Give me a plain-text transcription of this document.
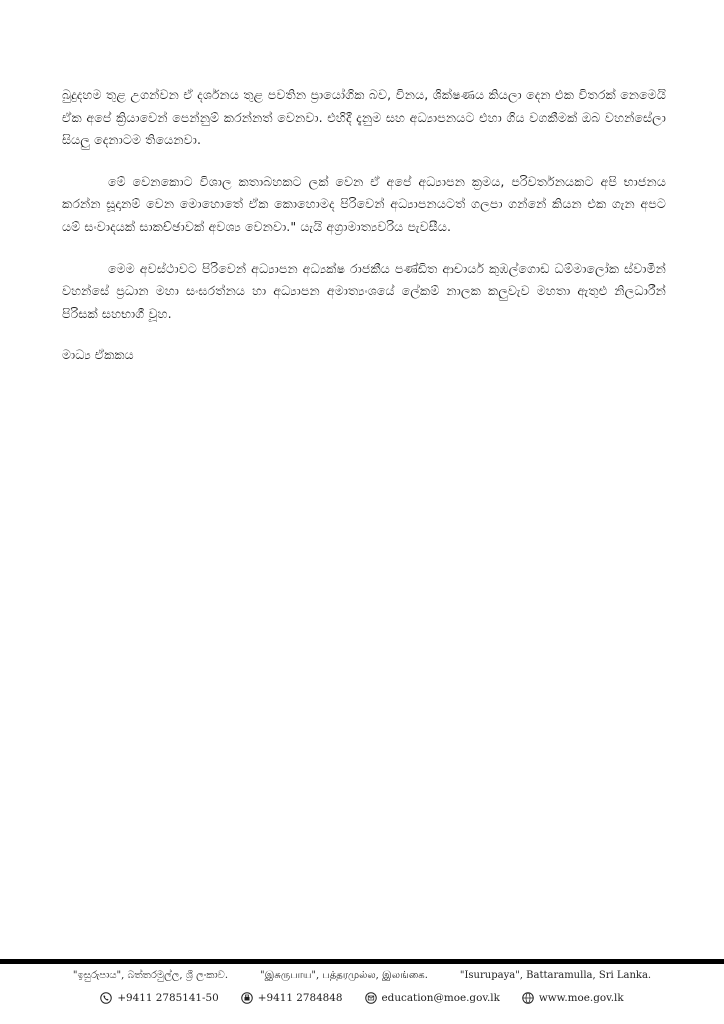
බුදුදහම තුළ උගන්වන ඒ දර්ශනය තුළ පවතින ප්‍රායෝගික බව, විනය, ශික්ෂණය කියලා දෙන එක විතරක් නෙමෙයි ඒක අපේ ක්‍රියාවෙන් පෙන්නුම් කරන්නත් වෙනවා. එහිදී දැනුම සහ අධ්‍යාපනයට එහා ගිය වගකීමක් ඔබ වහන්සේලා සියලු දෙනාටම තියෙනවා.

මේ වෙනකොට විශාල කතාබහකට ලක් වෙන ඒ අපේ අධ්‍යාපන ක්‍රමය, පරිවර්තනයකට අපි භාජනය කරන්න සූදානම් වෙන මොහොතේ ඒක කොහොමද පිරිවෙන් අධ්‍යාපනයටත් ගලපා ගන්නේ කියන එක ගැන අපට යම් සංවාදයක් සාකච්ඡාවක් අවශ්‍ය වෙනවා." යැයි අග්‍රාමාත්‍යවරිය පැවසීය.

මෙම අවස්ථාවට පිරිවෙන් අධ්‍යාපන අධ්‍යක්ෂ රාජකීය පණ්ඩිත ආචාර්ය කුඹල්ගොඩ ධම්මාලෝක ස්වාමීන් වහන්සේ ප්‍රධාන මහා සංඝරත්නය හා අධ්‍යාපන අමාත්‍යංශයේ ලේකම් නාලක කලුවැව මහතා ඇතුළු නිලධාරීන් පිරිසක් සහභාගී වූහ.

මාධ්‍ය ඒකකය

"ඉසුරුපාය", බත්තරමුල්ල, ශ්‍රී ලංකාව.	"இசுருபாய", பத்தரமுல்ல, இலங்கை.	"Isurupaya", Battaramulla, Sri Lanka.
+9411 2785141-50	+9411 2784848	education@moe.gov.lk	www.moe.gov.lk
